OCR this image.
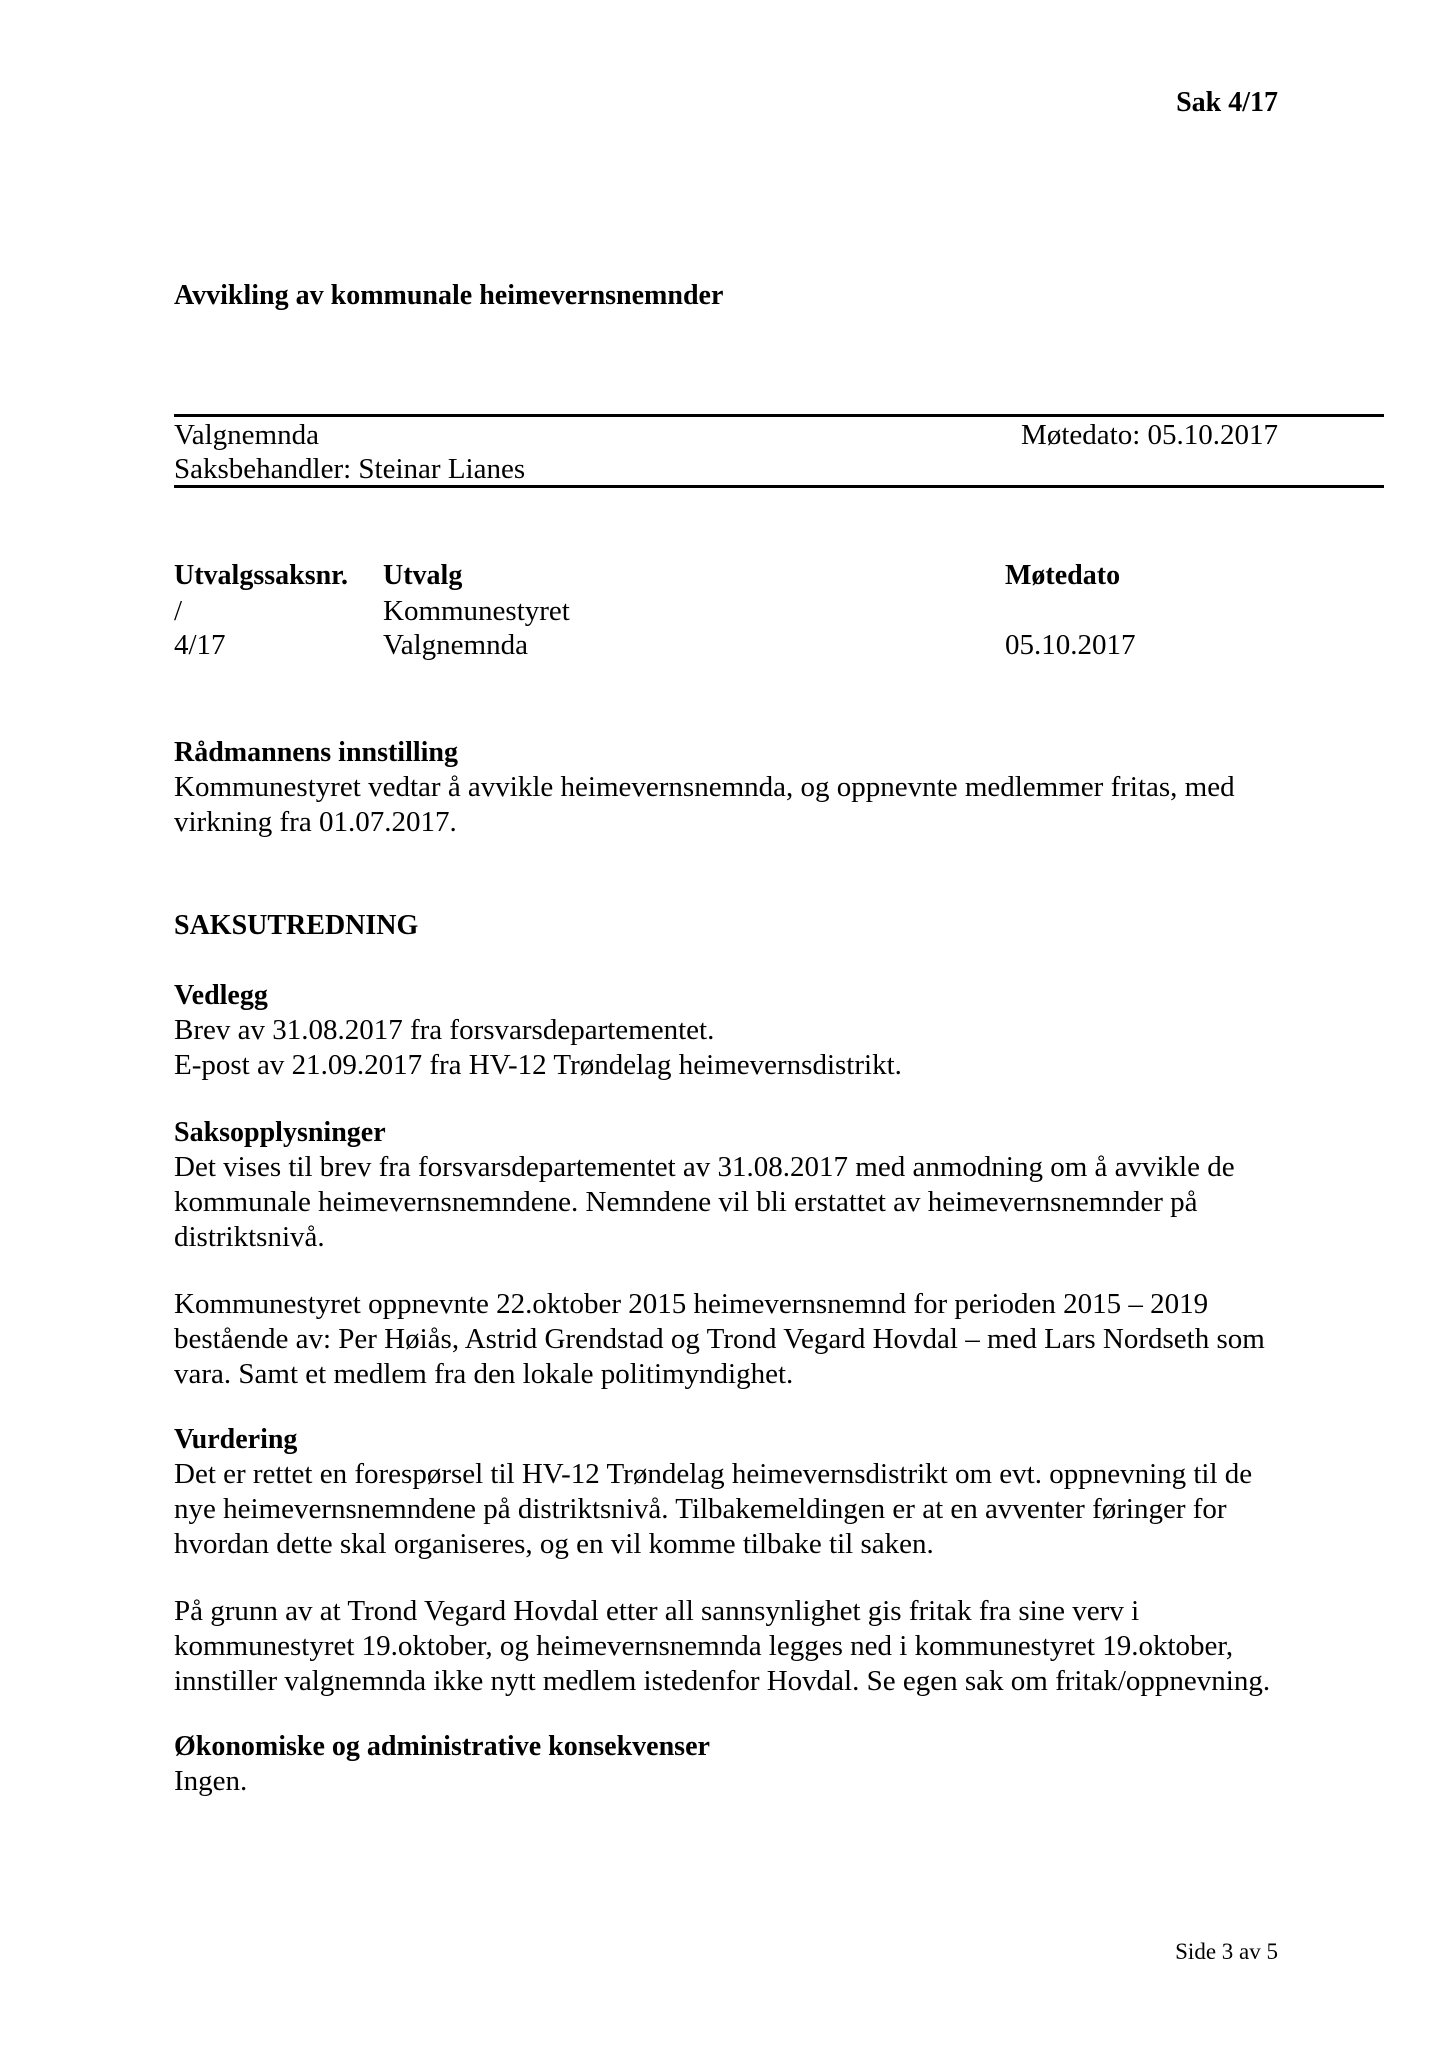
Sak 4/17
Avvikling av kommunale heimevernsnemnder
Valgnemnda	Møtedato: 05.10.2017
Saksbehandler: Steinar Lianes
Utvalgssaksnr. Utvalg	Møtedato
/	Kommunestyret
4/17	Valgnemnda	05.10.2017
Rådmannens innstilling
Kommunestyret vedtar å avvikle heimevernsnemnda, og oppnevnte medlemmer fritas, med
virkning fra 01.07.2017.
SAKSUTREDNING
Vedlegg
Brev av 31.08.2017 fra forsvarsdepartementet.
E-post av 21.09.2017 fra HV-12 Trøndelag heimevernsdistrikt.
Saksopplysninger
Det vises til brev fra forsvarsdepartementet av 31.08.2017 med anmodning om å avvikle de
kommunale heimevernsnemndene. Nemndene vil bli erstattet av heimevernsnemnder på
distriktsnivå.
Kommunestyret oppnevnte 22.oktober 2015 heimevernsnemnd for perioden 2015 – 2019
bestående av: Per Høiås, Astrid Grendstad og Trond Vegard Hovdal – med Lars Nordseth som
vara. Samt et medlem fra den lokale politimyndighet.
Vurdering
Det er rettet en forespørsel til HV-12 Trøndelag heimevernsdistrikt om evt. oppnevning til de
nye heimevernsnemndene på distriktsnivå. Tilbakemeldingen er at en avventer føringer for
hvordan dette skal organiseres, og en vil komme tilbake til saken.
På grunn av at Trond Vegard Hovdal etter all sannsynlighet gis fritak fra sine verv i
kommunestyret 19.oktober, og heimevernsnemnda legges ned i kommunestyret 19.oktober,
innstiller valgnemnda ikke nytt medlem istedenfor Hovdal. Se egen sak om fritak/oppnevning.
Økonomiske og administrative konsekvenser
Ingen.
Side 3 av 5
